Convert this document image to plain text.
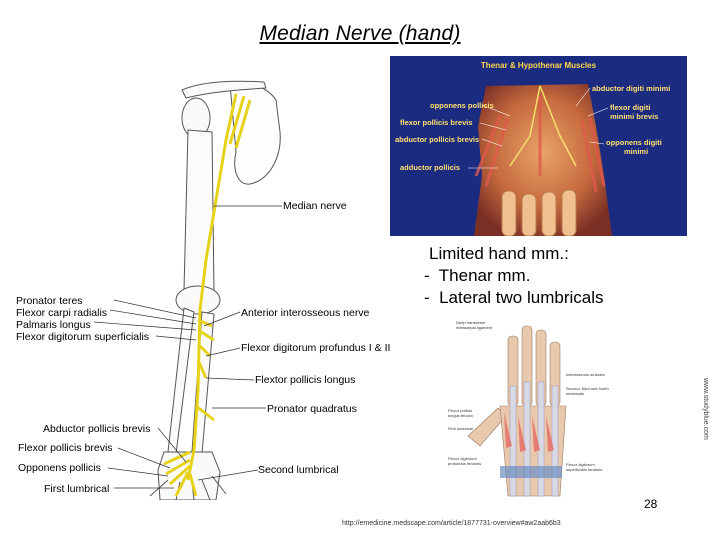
Median Nerve (hand)
Median nerve
Pronator teres
Flexor carpi radialis
Palmaris longus
Flexor digitorum superficialis
Anterior interosseous nerve
Flexor digitorum profundus I & II
Flextor pollicis longus
Pronator quadratus
Abductor pollicis brevis
Flexor pollicis brevis
Opponens pollicis	Second lumbrical
First lumbrical
Thenar & Hypothenar Muscles
opponens pollicis
flexor pollicis brevis
abductor pollicis brevis
adductor pollicis
abductor digiti minimi
flexor digiti
minimi brevis
opponens digiti
minimi
Limited hand mm.:
-  Thenar mm.
-  Lateral two lumbricals
Deep transverse
metacarpal ligament
Interosseous muscles
Second, third and fourth
lumbricals
Flexor pollicis
longus tendon
First lumbrical
Flexor digitorum
profundus tendons	Flexor digitorum
superficialis tendons
www.studyblue.com
28
http://emedicine.medscape.com/article/1877731-overview#aw2aab6b3
